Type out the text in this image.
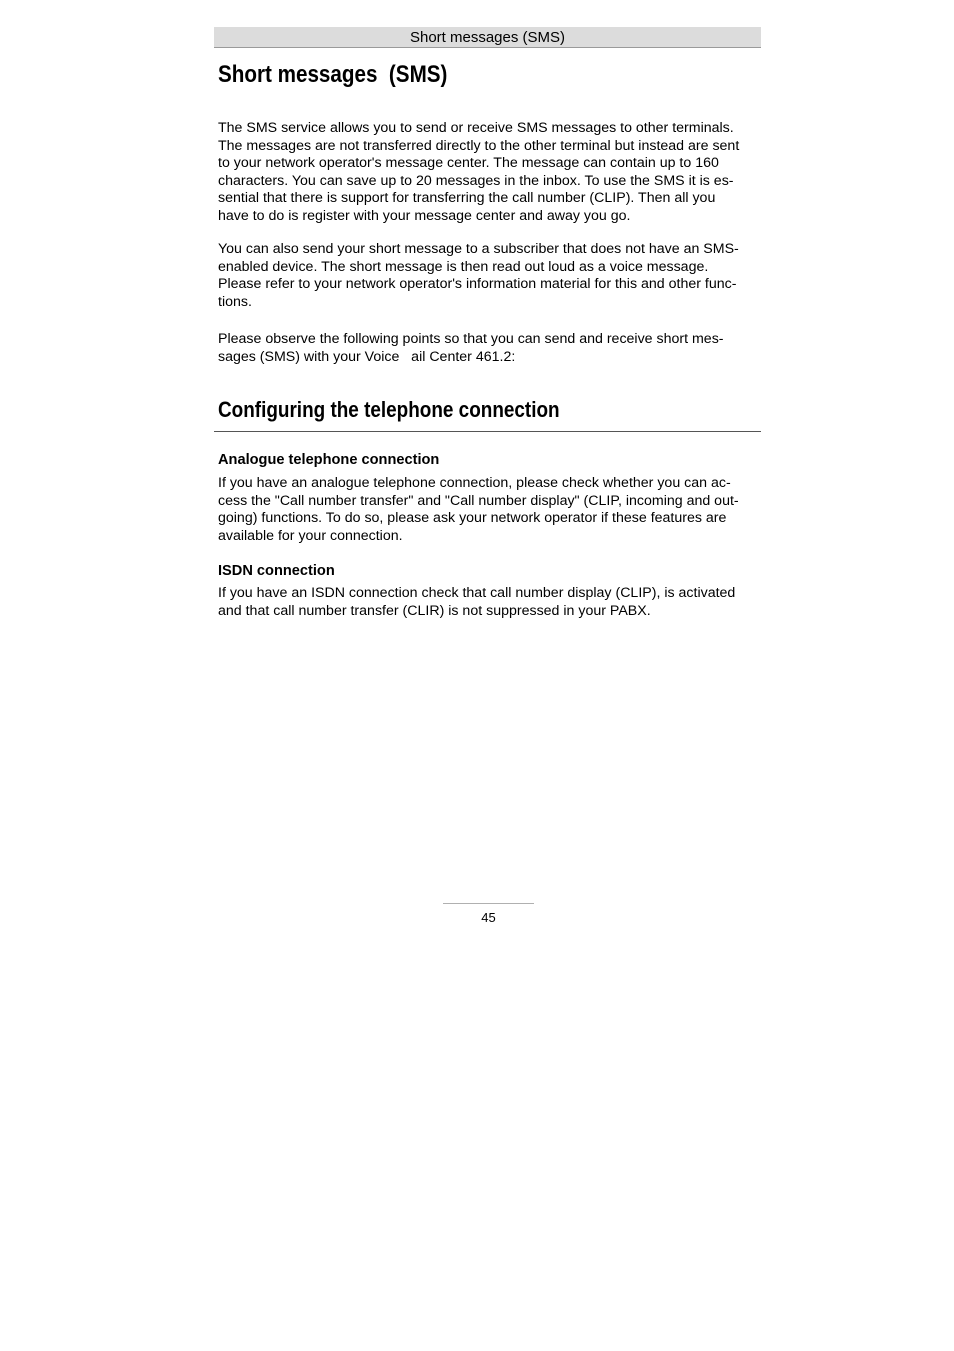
Short messages (SMS)
Short messages  (SMS)
The SMS service allows you to send or receive SMS messages to other terminals.
The messages are not transferred directly to the other terminal but instead are sent
to your network operator's message center. The message can contain up to 160
characters. You can save up to 20 messages in the inbox. To use the SMS it is es-
sential that there is support for transferring the call number (CLIP). Then all you
have to do is register with your message center and away you go.
You can also send your short message to a subscriber that does not have an SMS-
enabled device. The short message is then read out loud as a voice message.
Please refer to your network operator's information material for this and other func-
tions.
Please observe the following points so that you can send and receive short mes-
sages (SMS) with your Voice   ail Center 461.2:
Configuring the telephone connection
Analogue telephone connection
If you have an analogue telephone connection, please check whether you can ac-
cess the "Call number transfer" and "Call number display" (CLIP, incoming and out-
going) functions. To do so, please ask your network operator if these features are
available for your connection.
ISDN connection
If you have an ISDN connection check that call number display (CLIP), is activated
and that call number transfer (CLIR) is not suppressed in your PABX.
45
